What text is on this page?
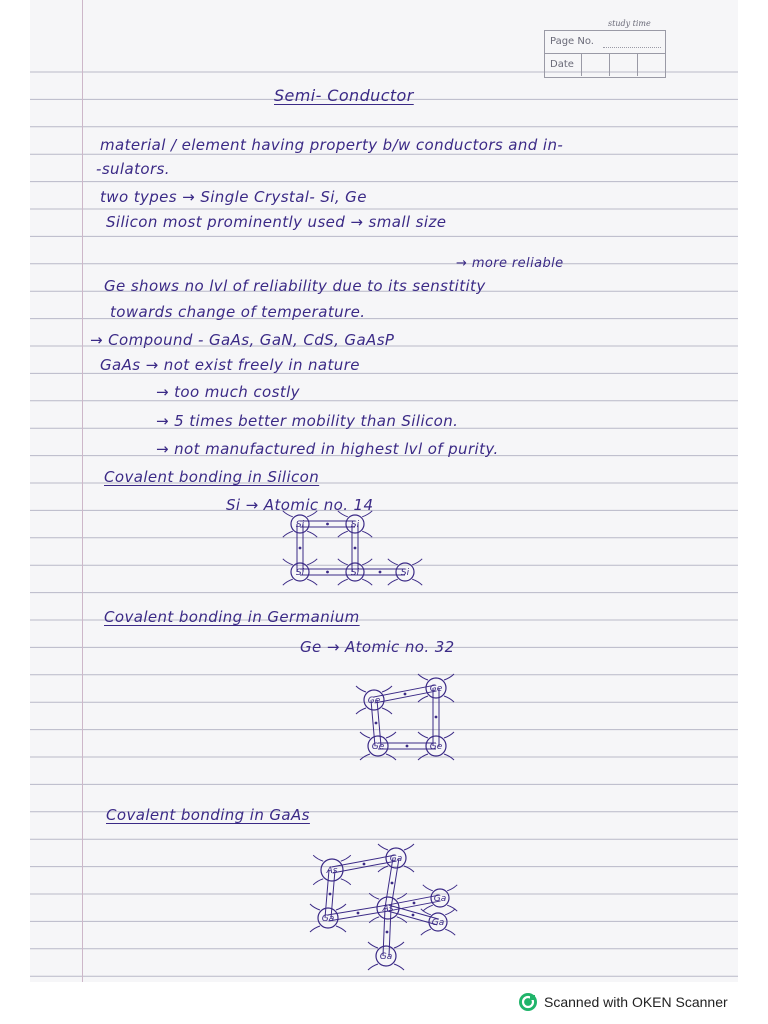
study time
Page No.
Date
Semi- Conductor
material / element having property b/w conductors and in-
-sulators.
two types → Single Crystal- Si, Ge
Silicon most prominently used → small size
→ more reliable
Ge shows no lvl of reliability due to its senstitity
towards change of temperature.
→ Compound - GaAs, GaN, CdS, GaAsP
GaAs → not exist freely in nature
→ too much costly
→ 5 times better mobility than Silicon.
→ not manufactured in highest lvl of purity.
Covalent bonding in Silicon
Si → Atomic no. 14
Si	Si
Si	Si	Si
Covalent bonding in Germanium
Ge → Atomic no. 32
Ge
Ge
Ge	Ge
Covalent bonding in GaAs
As
Ga
Ga
As
Ga
Ga
Ga
Scanned with OKEN Scanner
